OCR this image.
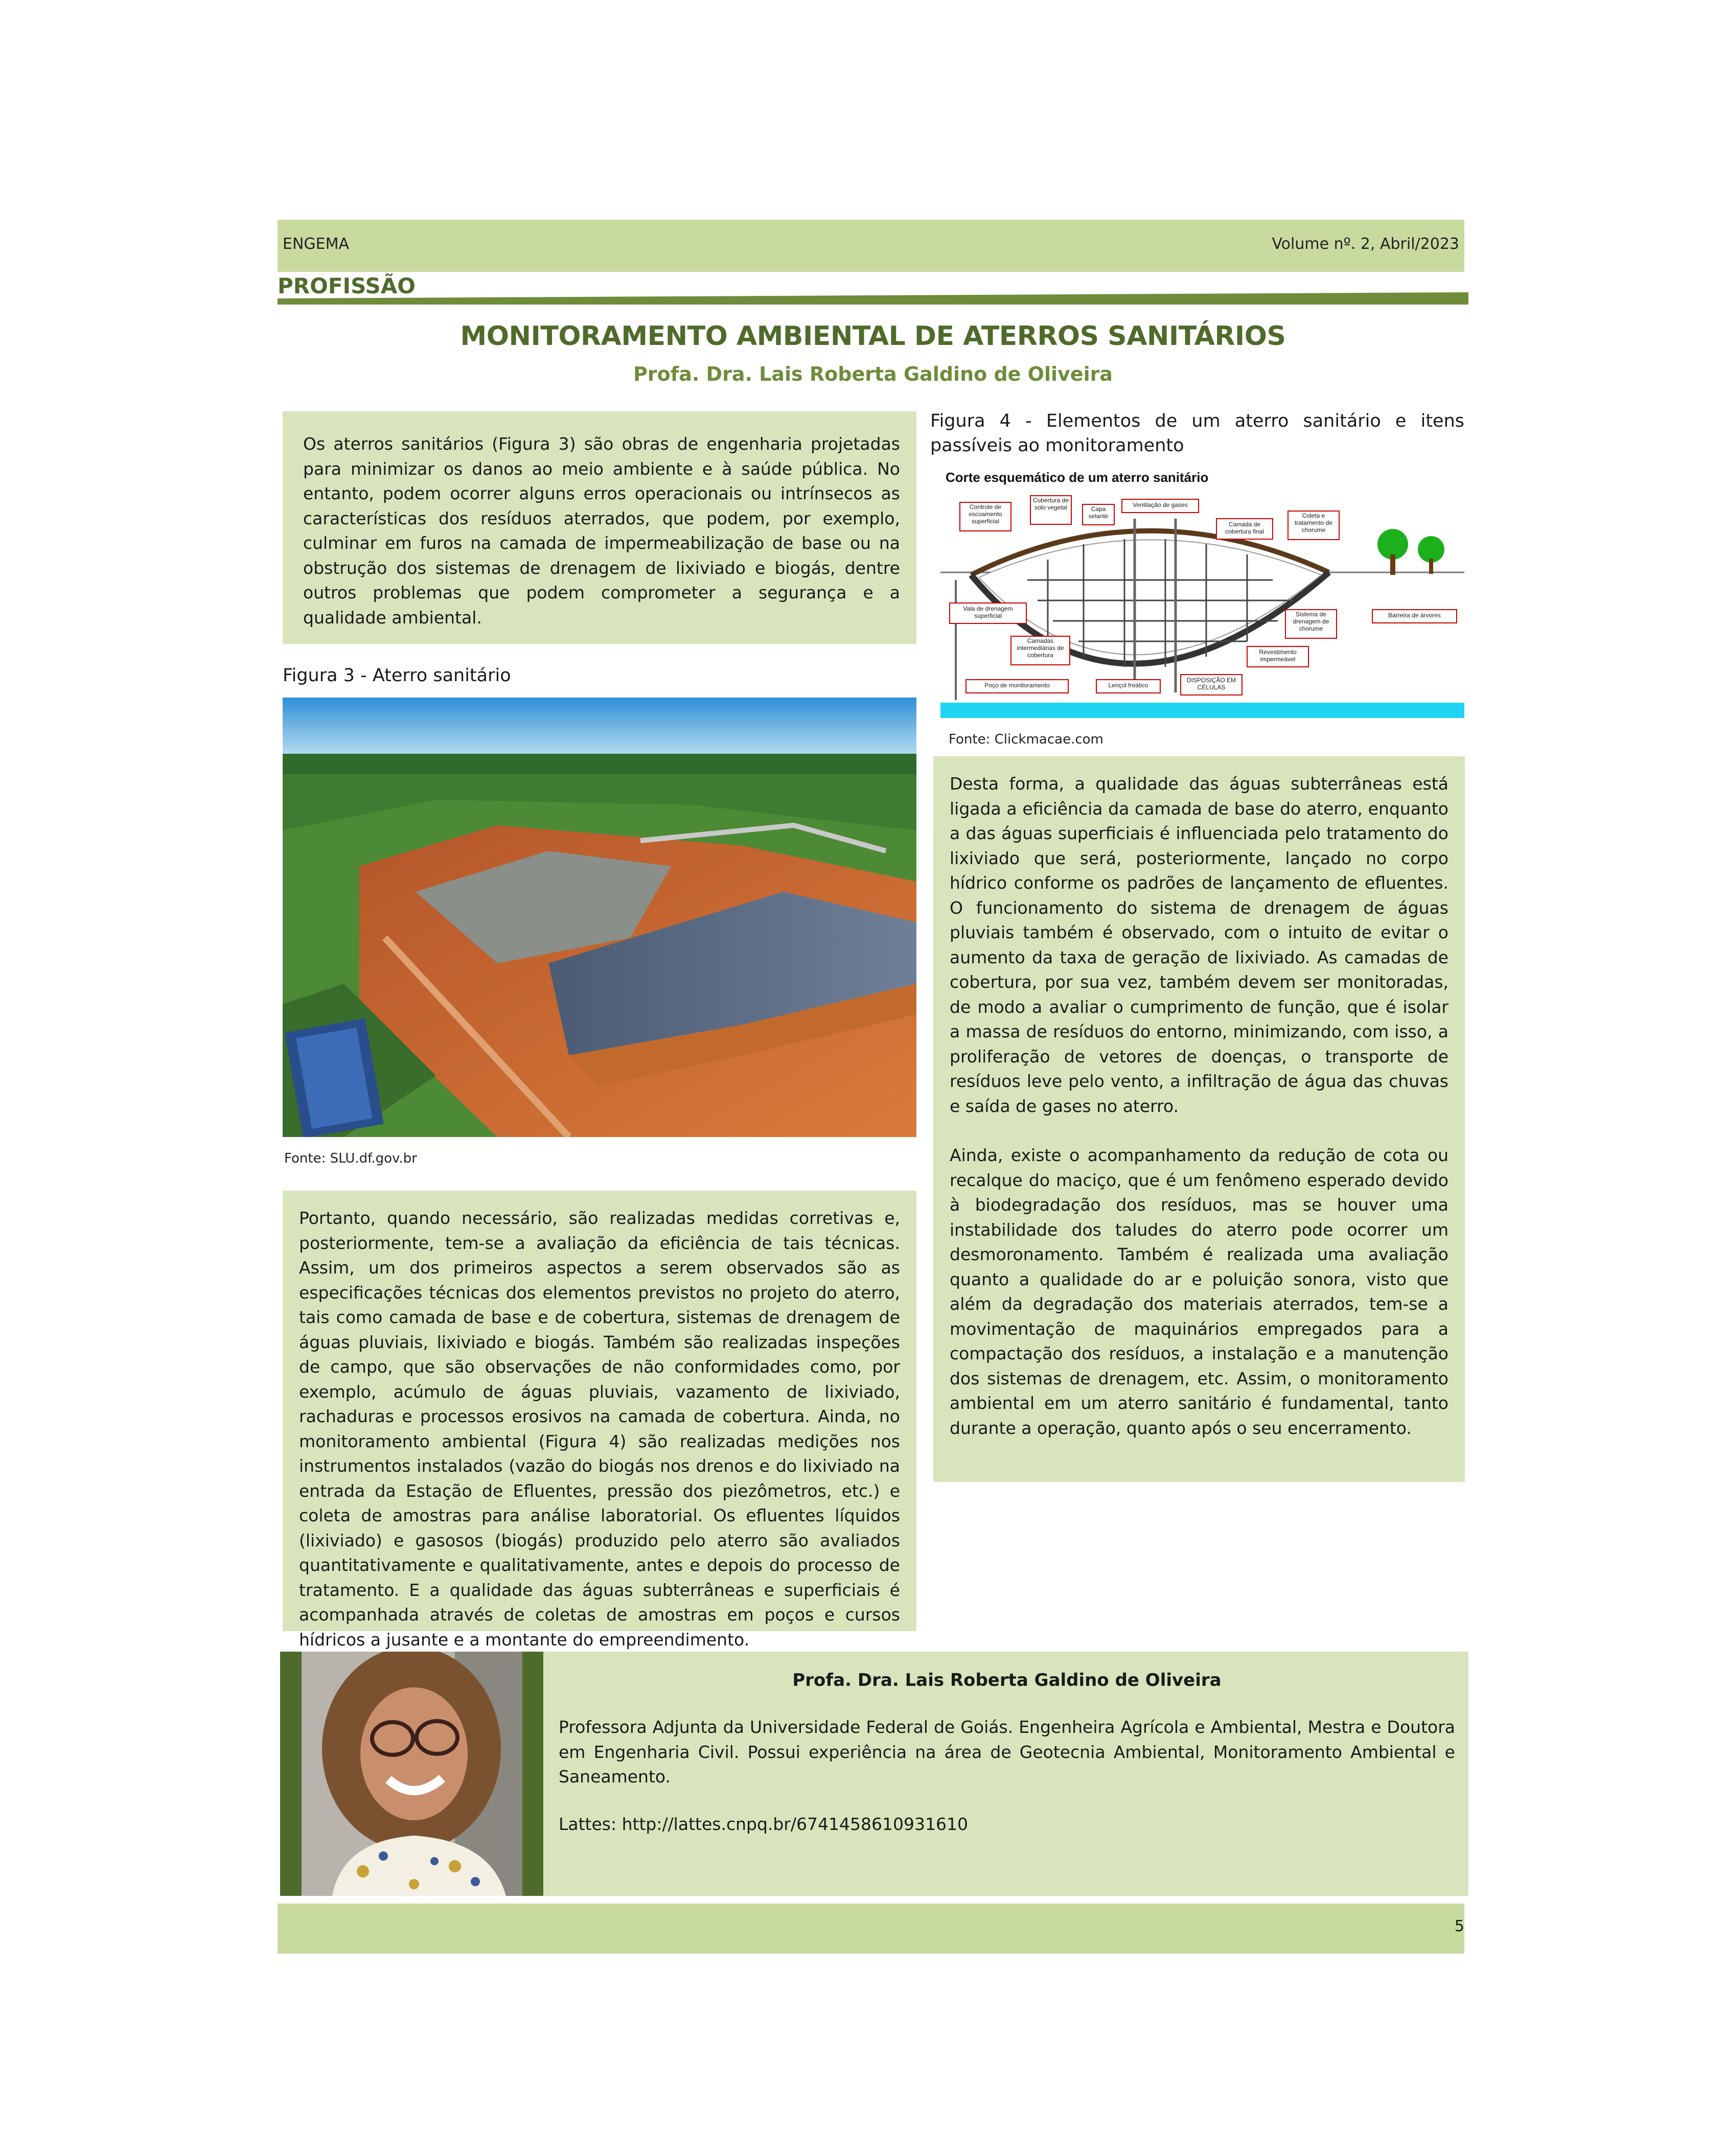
ENGEMA	Volume nº. 2, Abril/2023
PROFISSÃO
MONITORAMENTO AMBIENTAL DE ATERROS SANITÁRIOS
Profa. Dra. Lais Roberta Galdino de Oliveira
Os aterros sanitários (Figura 3) são obras de engenharia projetadas para minimizar os danos ao meio ambiente e à saúde pública. No entanto, podem ocorrer alguns erros operacionais ou intrínsecos as características dos resíduos aterrados, que podem, por exemplo, culminar em furos na camada de impermeabilização de base ou na obstrução dos sistemas de drenagem de lixiviado e biogás, dentre outros problemas que podem comprometer a segurança e a qualidade ambiental.
Figura 3 - Aterro sanitário
Fonte: SLU.df.gov.br
Portanto, quando necessário, são realizadas medidas corretivas e, posteriormente, tem-se a avaliação da eficiência de tais técnicas. Assim, um dos primeiros aspectos a serem observados são as especificações técnicas dos elementos previstos no projeto do aterro, tais como camada de base e de cobertura, sistemas de drenagem de águas pluviais, lixiviado e biogás. Também são realizadas inspeções de campo, que são observações de não conformidades como, por exemplo, acúmulo de águas pluviais, vazamento de lixiviado, rachaduras e processos erosivos na camada de cobertura. Ainda, no monitoramento ambiental (Figura 4) são realizadas medições nos instrumentos instalados (vazão do biogás nos drenos e do lixiviado na entrada da Estação de Efluentes, pressão dos piezômetros, etc.) e coleta de amostras para análise laboratorial. Os efluentes líquidos (lixiviado) e gasosos (biogás) produzido pelo aterro são avaliados quantitativamente e qualitativamente, antes e depois do processo de tratamento. E a qualidade das águas subterrâneas e superficiais é acompanhada através de coletas de amostras em poços e cursos hídricos a jusante e a montante do empreendimento.
Figura 4 - Elementos de um aterro sanitário e itens passíveis ao monitoramento
Corte esquemático de um aterro sanitário
Controle de escoamento superficial
Cobertura de solo vegetal	Capa selante
Ventilação de gases
Camada de cobertura final
Coleta e tratamento de chorume
Vala de drenagem superficial
Camadas intermediárias de cobertura
Sistema de drenagem de chorume
Barreira de árvores
Revestimento impermeável
Poço de monitoramento	Lençol freático
DISPOSIÇÃO EM CÉLULAS
Fonte: Clickmacae.com
Desta forma, a qualidade das águas subterrâneas está ligada a eficiência da camada de base do aterro, enquanto a das águas superficiais é influenciada pelo tratamento do lixiviado que será, posteriormente, lançado no corpo hídrico conforme os padrões de lançamento de efluentes. O funcionamento do sistema de drenagem de águas pluviais também é observado, com o intuito de evitar o aumento da taxa de geração de lixiviado. As camadas de cobertura, por sua vez, também devem ser monitoradas, de modo a avaliar o cumprimento de função, que é isolar a massa de resíduos do entorno, minimizando, com isso, a proliferação de vetores de doenças, o transporte de resíduos leve pelo vento, a infiltração de água das chuvas e saída de gases no aterro.
Ainda, existe o acompanhamento da redução de cota ou recalque do maciço, que é um fenômeno esperado devido à biodegradação dos resíduos, mas se houver uma instabilidade dos taludes do aterro pode ocorrer um desmoronamento. Também é realizada uma avaliação quanto a qualidade do ar e poluição sonora, visto que além da degradação dos materiais aterrados, tem-se a movimentação de maquinários empregados para a compactação dos resíduos, a instalação e a manutenção dos sistemas de drenagem, etc. Assim, o monitoramento ambiental em um aterro sanitário é fundamental, tanto durante a operação, quanto após o seu encerramento.
Profa. Dra. Lais Roberta Galdino de Oliveira
Professora Adjunta da Universidade Federal de Goiás. Engenheira Agrícola e Ambiental, Mestra e Doutora em Engenharia Civil. Possui experiência na área de Geotecnia Ambiental, Monitoramento Ambiental e Saneamento.
Lattes: http://lattes.cnpq.br/6741458610931610
5
